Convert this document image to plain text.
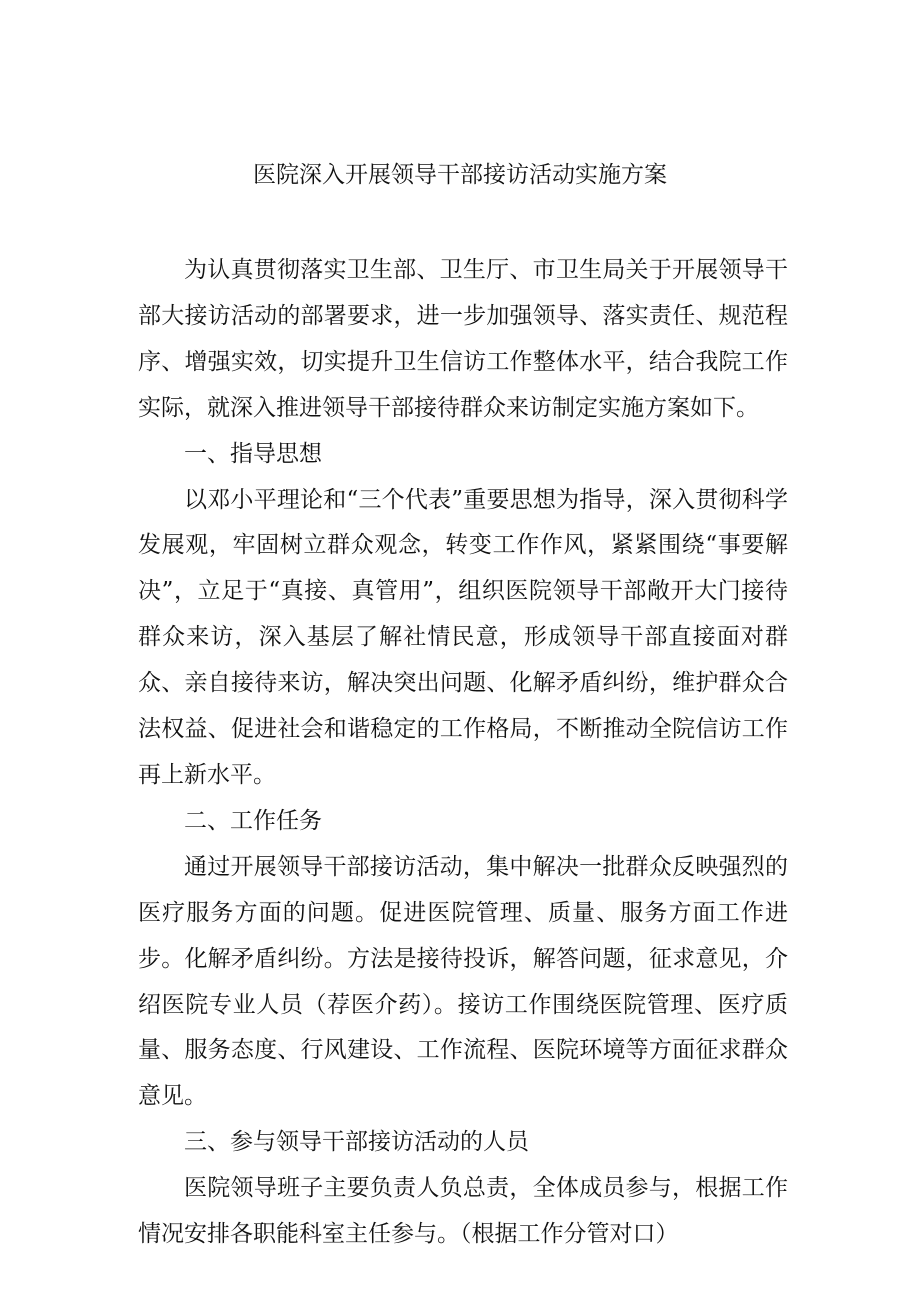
医院深入开展领导干部接访活动实施方案

为认真贯彻落实卫生部、卫生厅、市卫生局关于开展领导干部大接访活动的部署要求，进一步加强领导、落实责任、规范程序、增强实效，切实提升卫生信访工作整体水平，结合我院工作实际，就深入推进领导干部接待群众来访制定实施方案如下。

一、指导思想

以邓小平理论和“三个代表”重要思想为指导，深入贯彻科学发展观，牢固树立群众观念，转变工作作风，紧紧围绕“事要解决”，立足于“真接、真管用”，组织医院领导干部敞开大门接待群众来访，深入基层了解社情民意，形成领导干部直接面对群众、亲自接待来访，解决突出问题、化解矛盾纠纷，维护群众合法权益、促进社会和谐稳定的工作格局，不断推动全院信访工作再上新水平。

二、工作任务

通过开展领导干部接访活动，集中解决一批群众反映强烈的医疗服务方面的问题。促进医院管理、质量、服务方面工作进步。化解矛盾纠纷。方法是接待投诉，解答问题，征求意见，介绍医院专业人员（荐医介药）。接访工作围绕医院管理、医疗质量、服务态度、行风建设、工作流程、医院环境等方面征求群众意见。

三、参与领导干部接访活动的人员

医院领导班子主要负责人负总责，全体成员参与，根据工作情况安排各职能科室主任参与。（根据工作分管对口）
